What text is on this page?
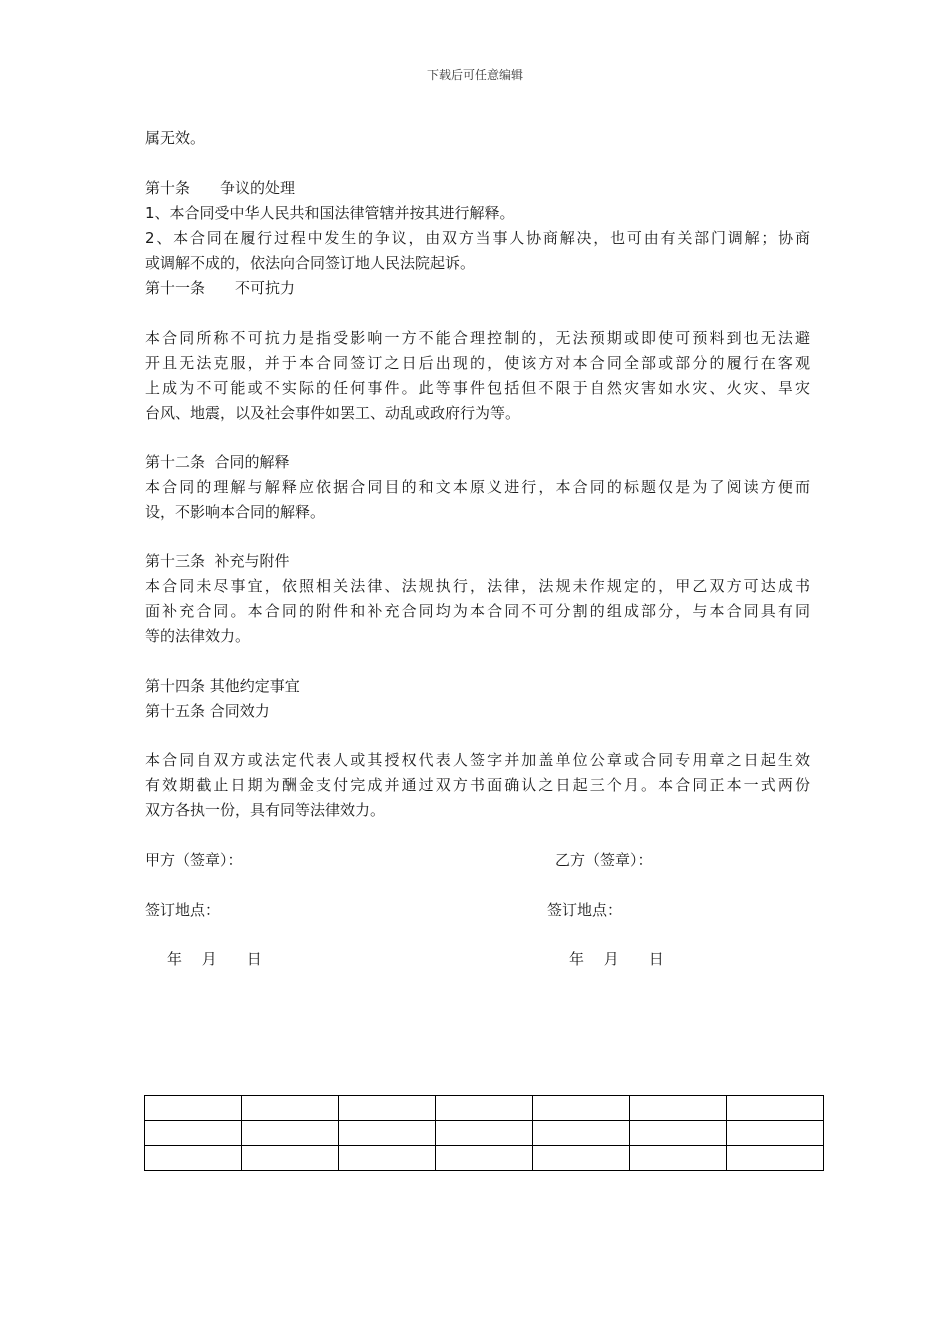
下载后可任意编辑

属无效。

第十条　　争议的处理

1、本合同受中华人民共和国法律管辖并按其进行解释。

2、本合同在履行过程中发生的争议，由双方当事人协商解决，也可由有关部门调解；协商
或调解不成的，依法向合同签订地人民法院起诉。

第十一条　　不可抗力

本合同所称不可抗力是指受影响一方不能合理控制的，无法预期或即使可预料到也无法避
开且无法克服，并于本合同签订之日后出现的，使该方对本合同全部或部分的履行在客观
上成为不可能或不实际的任何事件。此等事件包括但不限于自然灾害如水灾、火灾、旱灾
台风、地震，以及社会事件如罢工、动乱或政府行为等。

第十二条  合同的解释

本合同的理解与解释应依据合同目的和文本原义进行，本合同的标题仅是为了阅读方便而
设，不影响本合同的解释。

第十三条  补充与附件

本合同未尽事宜，依照相关法律、法规执行，法律，法规未作规定的，甲乙双方可达成书
面补充合同。本合同的附件和补充合同均为本合同不可分割的组成部分，与本合同具有同
等的法律效力。

第十四条 其他约定事宜

第十五条 合同效力

本合同自双方或法定代表人或其授权代表人签字并加盖单位公章或合同专用章之日起生效
有效期截止日期为酬金支付完成并通过双方书面确认之日起三个月。本合同正本一式两份
双方各执一份，具有同等法律效力。
甲方（签章）：	乙方（签章）：
签订地点：	签订地点：
年　 月　　日	年　 月　　日
